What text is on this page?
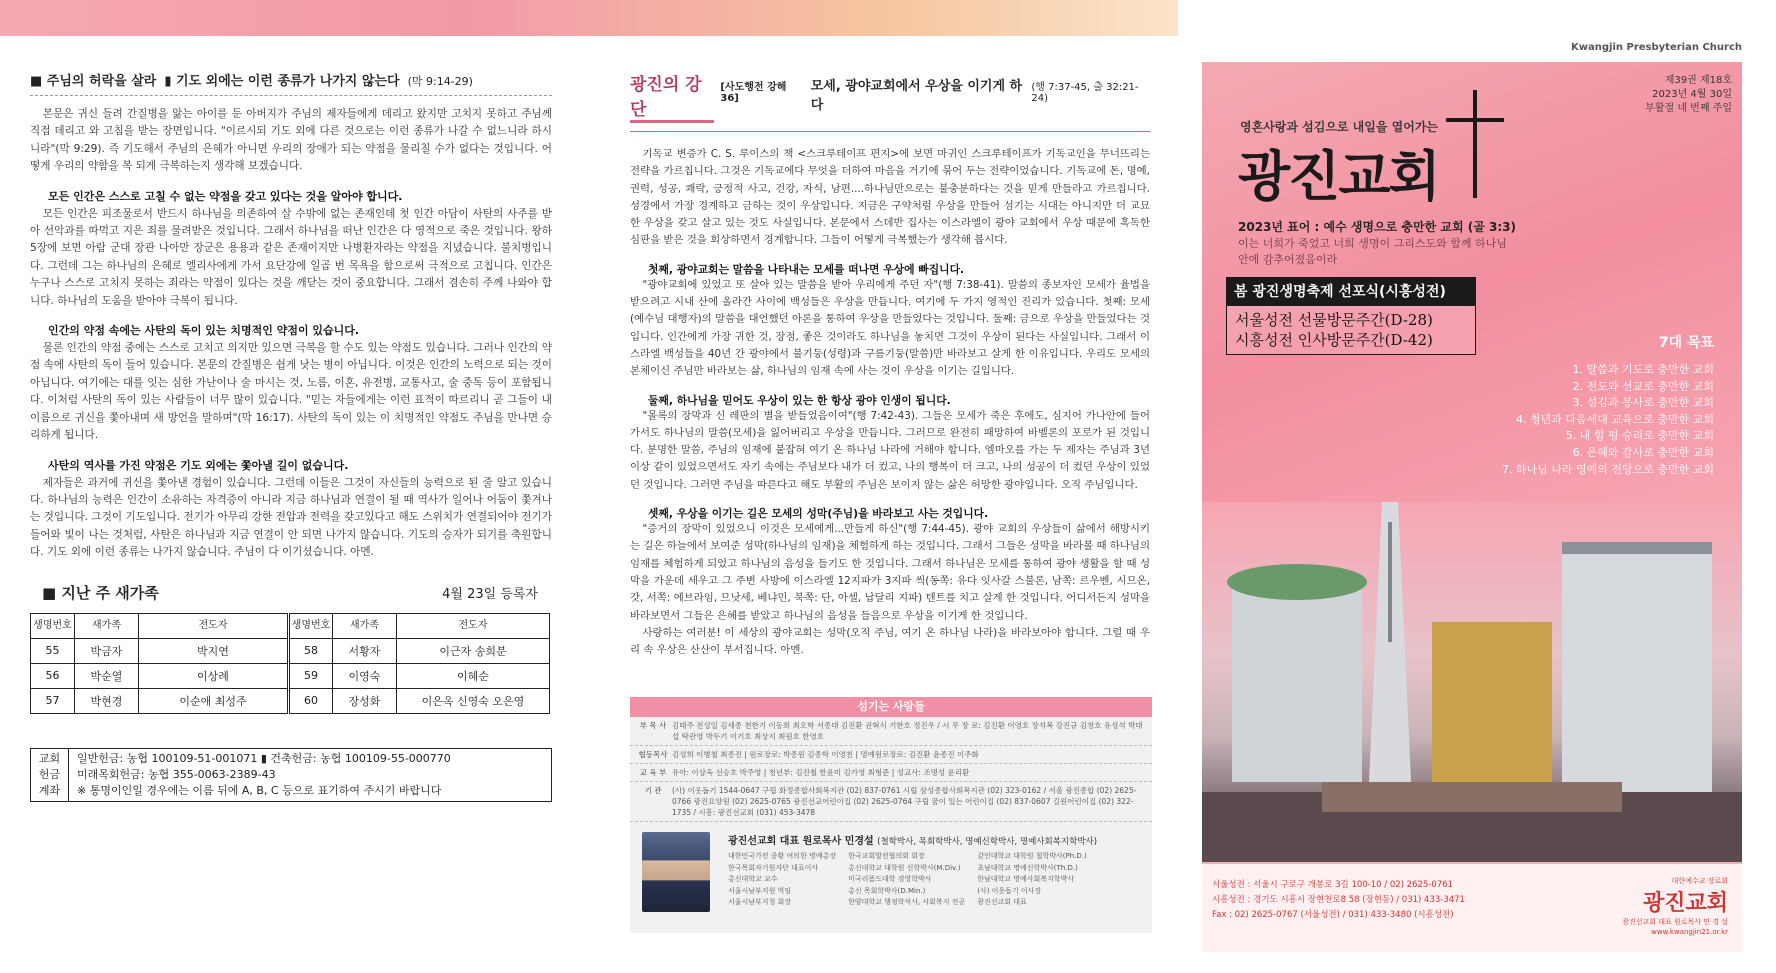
■ 주님의 허락을 살라 ▮ 기도 외에는 이런 종류가 나가지 않는다 (막 9:14-29)

본문은 귀신 들려 간질병을 앓는 아이를 둔 아버지가 주님의 제자들에게 데리고 왔지만 고치지 못하고 주님께 직접 데리고 와 고침을 받는 장면입니다. "이르시되 기도 외에 다른 것으로는 이런 종류가 나갈 수 없느니라 하시니라"(막 9:29). 즉 기도해서 주님의 은혜가 아니면 우리의 장애가 되는 약점을 물리칠 수가 없다는 것입니다. 어떻게 우리의 약함을 복 되게 극복하는지 생각해 보겠습니다.

모든 인간은 스스로 고칠 수 없는 약점을 갖고 있다는 것을 알아야 합니다.

모든 인간은 피조물로서 반드시 하나님을 의존하여 살 수밖에 없는 존재인데 첫 인간 아담이 사탄의 사주를 받아 선악과를 따먹고 지은 죄를 물려받은 것입니다. 그래서 하나님을 떠난 인간은 다 영적으로 죽은 것입니다. 왕하 5장에 보면 아람 군대 장관 나아만 장군은 용용과 같은 존재이지만 나병환자라는 약점을 지녔습니다. 불치병입니다. 그런데 그는 하나님의 은혜로 엘리사에게 가서 요단강에 일곱 번 목욕을 함으로써 극적으로 고칩니다. 인간은 누구나 스스로 고치지 못하는 죄라는 약점이 있다는 것을 깨닫는 것이 중요합니다. 그래서 겸손히 주께 나와야 합니다. 하나님의 도움을 받아야 극복이 됩니다.

인간의 약점 속에는 사탄의 독이 있는 치명적인 약점이 있습니다.

물론 인간의 약점 중에는 스스로 고치고 의지만 있으면 극복을 할 수도 있는 약점도 있습니다. 그러나 인간의 약점 속에 사탄의 독이 들어 있습니다. 본문의 간질병은 쉽게 낫는 병이 아닙니다. 이것은 인간의 노력으로 되는 것이 아닙니다. 여기에는 대를 잇는 심한 가난이나 술 마시는 것, 노름, 이혼, 유전병, 교통사고, 술 중독 등이 포함됩니다. 이처럼 사탄의 독이 있는 사람들이 너무 많이 있습니다. "믿는 자들에게는 이런 표적이 따르리니 곧 그들이 내 이름으로 귀신을 쫓아내며 새 방언을 말하며"(막 16:17). 사탄의 독이 있는 이 치명적인 약점도 주님을 만나면 승리하게 됩니다.

사탄의 역사를 가진 약점은 기도 외에는 쫓아낼 길이 없습니다.

제자들은 과거에 귀신을 쫓아낸 경험이 있습니다. 그런데 이들은 그것이 자신들의 능력으로 된 줄 알고 있습니다. 하나님의 능력은 인간이 소유하는 자격증이 아니라 지금 하나님과 연결이 될 때 역사가 일어나 어둠이 쫓겨나는 것입니다. 그것이 기도입니다. 전기가 아무리 강한 전압과 전력을 갖고있다고 해도 스위치가 연결되어야 전기가 들어와 빛이 나는 것처럼, 사탄은 하나님과 지금 연결이 안 되면 나가지 않습니다. 기도의 승자가 되기를 축원합니다. 기도 외에 이런 종류는 나가지 않습니다. 주님이 다 이기셨습니다. 아멘.

■ 지난 주 새가족	4월 23일 등록자
생명번호	새가족	전도자	생명번호	새가족	전도자
55	박금자	박지연	58	서황자	이근자 송희분
56	박순열	이상례	59	이영숙	이혜순
57	박현경	이순애 최성주	60	장성화	이은옥 신영숙 오은영
교회 헌금 계좌
일반헌금: 농협 100109-51-001071 ▮ 건축헌금: 농협 100109-55-000770
미래목회헌금: 농협 355-0063-2389-43
※ 통명이인일 경우에는 이름 뒤에 A, B, C 등으로 표기하여 주시기 바랍니다
광진의 강단
[사도행전 강해 36]
모세, 광야교회에서 우상을 이기게 하다
(행 7:37-45, 출 32:21-24)

기독교 변증가 C. S. 루이스의 책 <스크루테이프 편지>에 보면 마귀인 스크루테이프가 기독교인을 무너뜨리는 전략을 가르칩니다. 그것은 기독교에다 무엇을 더하여 마음을 거기에 묶어 두는 전략이었습니다. 기독교에 돈, 명예, 권력, 성공, 쾌락, 긍정적 사고, 건강, 자식, 남편....하나님만으로는 불충분하다는 것을 믿게 만들라고 가르칩니다. 성경에서 가장 경계하고 금하는 것이 우상입니다. 지금은 구약처럼 우상을 만들어 섬기는 시대는 아니지만 더 교묘한 우상을 갖고 살고 있는 것도 사실입니다. 본문에서 스데반 집사는 이스라엘이 광야 교회에서 우상 때문에 혹독한 심판을 받은 것을 회상하면서 경계합니다. 그들이 어떻게 극복했는가 생각해 봅시다.

첫째, 광야교회는 말씀을 나타내는 모세를 떠나면 우상에 빠집니다.

"광야교회에 있었고 또 살아 있는 말씀을 받아 우리에게 주던 자"(행 7:38-41). 말씀의 종보자인 모세가 율법을 받으려고 시내 산에 올라간 사이에 백성들은 우상을 만듭니다. 여기에 두 가지 영적인 진리가 있습니다. 첫째: 모세(예수님 대행자)의 말씀을 대언했던 아론을 통하여 우상을 만들었다는 것입니다. 둘째: 금으로 우상을 만들었다는 것입니다. 인간에게 가장 귀한 것, 장점, 좋은 것이라도 하나님을 놓치면 그것이 우상이 된다는 사실입니다. 그래서 이스라엘 백성들을 40년 간 광야에서 불기둥(성령)과 구름기둥(말씀)만 바라보고 살게 한 이유입니다. 우리도 모세의 본체이신 주님만 바라보는 삶, 하나님의 임재 속에 사는 것이 우상을 이기는 길입니다.

둘째, 하나님을 믿어도 우상이 있는 한 항상 광야 인생이 됩니다.

"몰록의 장막과 신 레판의 별을 받들었음이여"(행 7:42-43). 그들은 모세가 죽은 후에도, 심지어 가나안에 들어가서도 하나님의 말씀(모세)을 잃어버리고 우상을 만듭니다. 그러므로 완전히 패망하여 바벨론의 포로가 된 것입니다. 분명한 말씀, 주님의 임재에 붙잡혀 여기 온 하나님 나라에 거해야 합니다. 엠마오를 가는 두 제자는 주님과 3년 이상 같이 있었으면서도 자기 속에는 주님보다 내가 더 컸고, 나의 행복이 더 크고, 나의 성공이 더 컸던 우상이 있었던 것입니다. 그러면 주님을 따른다고 해도 부활의 주님은 보이지 않는 삶은 허망한 광야입니다. 오직 주님입니다.

셋째, 우상을 이기는 길은 모세의 성막(주님)을 바라보고 사는 것입니다.

"증거의 장막이 있었으니 이것은 모세에게...만들게 하신"(행 7:44-45). 광야 교회의 우상들이 삶에서 해방시키는 길은 하늘에서 보여준 성막(하나님의 임재)을 체험하게 하는 것입니다. 그래서 그들은 성막을 바라볼 때 하나님의 임재를 체험하게 되었고 하나님의 음성을 들기도 한 것입니다. 그래서 하나님은 모세를 통하여 광야 생활을 할 때 성막을 가운데 세우고 그 주변 사방에 이스라엘 12지파가 3지파 씩(동쪽: 유다 잇사갈 스불론, 남쪽: 르우벤, 시므온, 갓, 서쪽: 에브라임, 므낫세, 베냐민, 북쪽: 단, 아셀, 납달리 지파) 텐트를 치고 살게 한 것입니다. 어디서든지 성막을 바라보면서 그들은 은혜를 받았고 하나님의 음성을 들음으로 우상을 이기게 한 것입니다.

사랑하는 여러분! 이 세상의 광야교회는 성막(오직 주님, 여기 온 하나님 나라)을 바라보아야 합니다. 그럴 때 우리 속 우상은 산산이 부서집니다. 아멘.

섬기는 사람들
부 목 사 김태주 전성일 김세종 천한기 이동희 최오학 서종대 김진환 권혁식 기한호 정진우 / 시 무 장 로: 김진환 이영호 장석복 강진규 김창호 유성석 박대섭 탁관영 박두기 이기호 최상지 최원호 한영호
협동목사 김성희 이병철 최종진 | 원로장로: 박종원 김종학 이영천 | 명예원로장로: 김진환 윤종진 이주화
교 육 부 유아: 이상옥 선승호 박주영 | 청년부: 김진철 한윤미 김가영 최형준 | 성교사: 조명성 윤리환
기 관	(사) 이웃돕기 1544-0647 구립 화정종합사회복지관 (02) 837-0761 시립 삼성종합사회복지관 (02) 323-0162 / 서울 광진종합 (02) 2625-0766 광진요양원 (02) 2625-0765 광진선교어린이집 (02) 2625-0764 구립 꿈이 있는 어린이집 (02) 837-0607 길원어린이집 (02) 322-1735 / 시흥: 광진선교회 (031) 453-3478
광진선교회 대표 원로목사 민경설 (철학박사, 목회학박사, 명예신학박사, 명예사회복지학박사)
대한민국가전 종황 여의한 명예총장
한국목회자기원자단 대표이사
총신대학교 교수
서울시남부지원 역임
서울시남부지청 회장
한국교회발전협의회 회장
총신대학교 대학원 신학박사(M.Div.)
미국리폼드대학 경영학박사
총신 목회학박사(D.Min.)
한양대학교 행정학석사, 사회복지 전공
같인대학교 대학원 철학박사(Ph.D.)
초남대학교 명예신학박사(Th.D.)
한남대학교 명예사회복지학박사
(사) 이웃돕기 이사장
광진선교회 대표
Kwangjin Presbyterian Church
제39권 제18호
2023년 4월 30일
부활절 네 번째 주일
영혼사랑과 섬김으로 내일을 열어가는
광진교회
2023년 표어 : 예수 생명으로 충만한 교회 (골 3:3)
이는 너희가 죽었고 너희 생명이 그리스도와 함께 하나님 안에 감추어졌음이라
봄 광진생명축제 선포식(시흥성전)
서울성전 선물방문주간(D-28)
시흥성전 인사방문주간(D-42)	7대 목표
1. 말씀과 기도로 충만한 교회
2. 전도와 선교로 충만한 교회
3. 섬김과 봉사로 충만한 교회
4. 청년과 다음세대 교육으로 충만한 교회
5. 내 힘 평 승리로 충만한 교회
6. 은혜와 감사로 충만한 교회
7. 하나님 나라 영예의 전당으로 충만한 교회
서울성전 : 서울시 구로구 개봉로 3길 100-10 / 02) 2625-0761
시흥성전 : 경기도 시흥시 장현천로8 58 (장현동) / 031) 433-3471
Fax : 02) 2625-0767 (서울성전) / 031) 433-3480 (시흥성전)
대한예수교 장로회
광진교회
광진선교회 대표 원로목사 민 경 설
www.kwangjin21.or.kr
